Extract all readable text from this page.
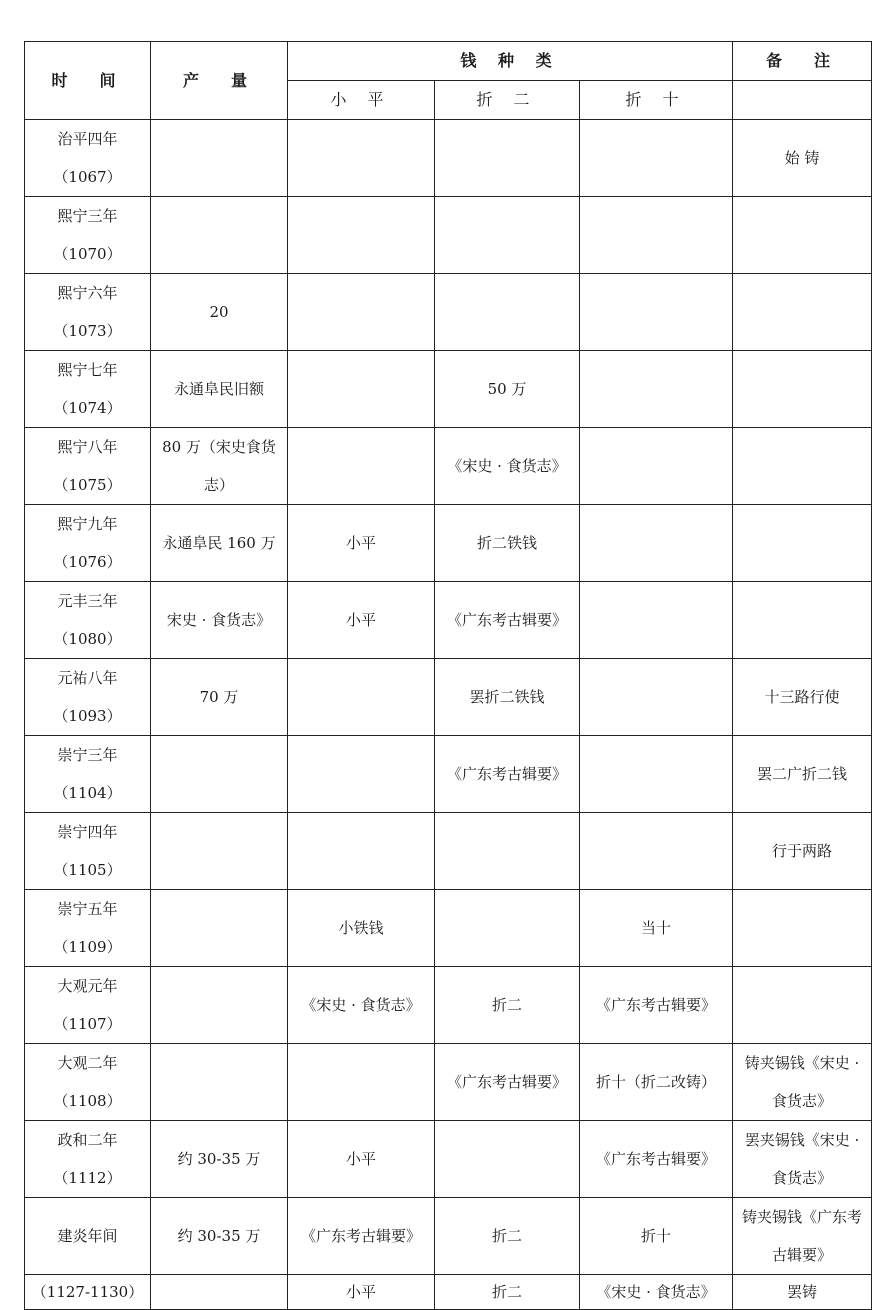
时　间	产　量	钱 种 类			备　注
		小 平	折 二	折 十	

治平四年
（1067）					始 铸

熙宁三年
（1070）					

熙宁六年
（1073）	20				

熙宁七年
（1074）	永通阜民旧额		50 万		

熙宁八年
（1075）	80 万（宋史食货志）		《宋史 · 食货志》		

熙宁九年
（1076）	永通阜民 160 万	小平	折二铁钱		

元丰三年
（1080）	宋史 · 食货志》	小平	《广东考古辑要》		

元祐八年
（1093）	70 万		罢折二铁钱		十三路行使

崇宁三年
（1104）			《广东考古辑要》		罢二广折二钱

崇宁四年
（1105）					行于两路

崇宁五年
（1109）		小铁钱		当十	

大观元年
（1107）		《宋史 · 食货志》	折二	《广东考古辑要》	

大观二年
（1108）			《广东考古辑要》	折十（折二改铸）	铸夹锡钱《宋史 · 食货志》

政和二年
（1112）	约 30-35 万	小平		《广东考古辑要》	罢夹锡钱《宋史 · 食货志》

建炎年间	约 30-35 万	《广东考古辑要》	折二	折十	铸夹锡钱《广东考古辑要》
（1127-1130）		小平	折二	《宋史 · 食货志》	罢铸
